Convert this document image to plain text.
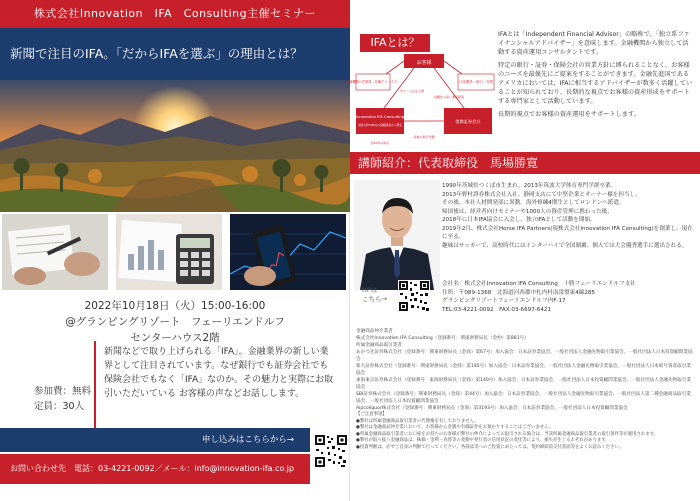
株式会社Innovation　IFA　Consulting主催セミナー
新聞で注目のIFA。「だからIFAを選ぶ」の理由とは？
2022年10月18日（火）15:00-16:00
@グランピングリゾート　フェーリエンドルフ
センターハウス2階
参加費：無料
定員：30人
新聞などで取り上げられる「IFA」。金融業界の新しい業界として注目されています。なぜ銀行でも証券会社でも保険会社でもなく「IFA」なのか。その魅力と実際にお取引いただいている お客様の声などお話しします。
申し込みはこちらから→
お問い合わせ先　電話：03-4221-0092／メール：info@innovation-ifa.co.jp
IFAとは？
お客様
金融機関の営業員（各種アドバイス）	口座開設・取引・売買
Innovation IFA Consulting
全国の約500社の金融商品から選定
提携証券会社
中立・公正な立場
信頼性の高い運用提案
約10年の取引
多数の取引実績

IFAとは「Independent Financial Advisor」の略称で、「独立系ファイナンシャルアドバイザー」を意味します。金融機関から独立して活動する資産運用コンサルタントです。

特定の銀行・証券・保険会社の営業方針に縛られることなく、お客様のニーズを最優先にご提案をすることができます。金融先進国であるアメリカにおいては、IFAに相当するアドバイザーが数多く活躍していることが知られており、長期的な視点でお客様の資産形成をサポートする専門家として活動しています。

長期的視点でお客様の資産運用をサポートします。

講師紹介：代表取締役　馬場勝寛
1990年茨城県つくば市生まれ。2013年筑波大学体育専門学群卒業。
2013年野村證券株式会社入社。静岡支店にて中堅企業とオーナー様を担当し、
その後、本社人材開発部に異動。海外修練4期生としてロンドンへ派遣。
帰国後は、経営者向けセミナーや1000人の資産管理に携わった後、
2018年に日本IFA協会に入会し、独立IFAとして活動を開始。
2019年2月、株式会社Horse IFA Partners(現株式会社Innovation IFA Consulting)を創業し、現在に至る。
趣味はサッカーで、高校時代にはインターハイで全国制覇。個人では大会優秀選手に選出される。
HPは
こちら→
会社名：株式会社Innovation IFA Consulting　十勝フェーリエンドルフ支社
住所：〒089-1368　北海道河西郡中札内村南常盤東4線285
グランピングリゾートフェーリエンドルフ内F-17
TEL:03-4221-0092　FAX:03-6697-6421
金融商品仲介業者
株式会社Innovation IFA Consulting（登録番号：関東財務局長（金仲）第881号）
所属金融商品取引業者
あかつき証券株式会社（登録番号：関東財務局長（金商）第67号）加入協会：日本証券業協会、一般社団法人金融先物取引業協会、一般社団法人日本投資顧問業協会
楽天証券株式会社（登録番号：関東財務局長（金商）第195号）加入協会：日本証券業協会、一般社団法人金融先物取引業協会、一般社団法人日本暗号資産取引業協会
東海東京証券株式会社（登録番号：東海財務局長（金商）第140号）加入協会：日本証券業協会、一般社団法人日本投資顧問業協会、一般社団法人金融先物取引業協会
SBI証券株式会社（登録番号：関東財務局長（金商）第44号）加入協会：日本証券業協会、一般社団法人金融先物取引業協会、一般社団法人第二種金融商品取引業協会、一般社団法人日本投資顧問業協会
Aipcoliquor株式会社（登録番号：関東財務局長（金商）第3193号）加入協会：日本証券業協会、一般社団法人日本投資顧問業協会
【ご注意事項】
●弊社は所属金融商品取引業者の代理権を有しておりません。
●弊社は金融商品仲介業において、お客様から金銭や有価証券をお預かりすることはございません。
●所属金融商品取引業者にお口座をお持ちのお客様が弊社の仲介によってお取引される場合は、当該所属金融商品取引業者の取引条件等が適用されます。
●弊社が取り扱う金融商品は、株価・金利・為替等の変動や発行者の信用状況の変化等により、損失が生じるおそれがあります。
●投資判断は、必ずご自身の判断で行ってください。各商品等へのご投資にあたっては、契約締結前交付書面等をよくお読みください。
